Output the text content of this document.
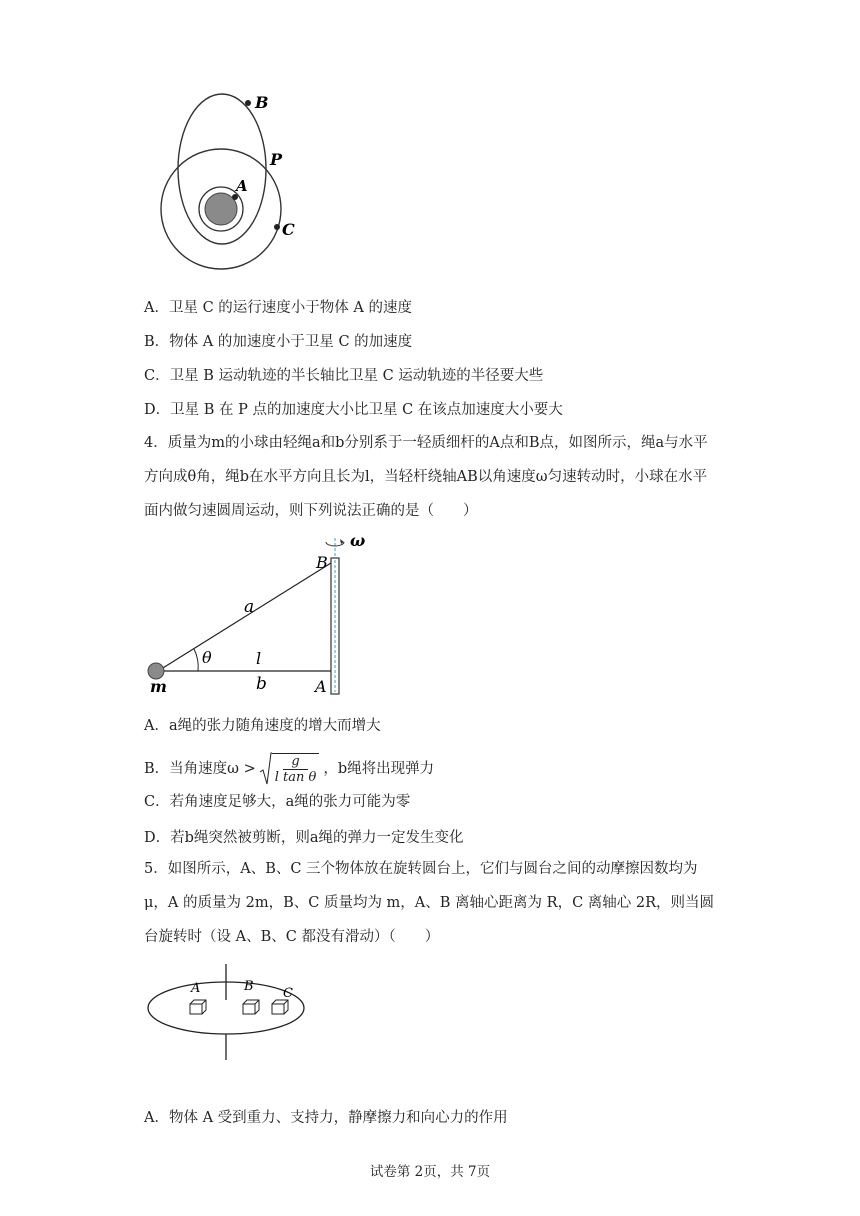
B
P
A
C
A．卫星 C 的运行速度小于物体 A 的速度
B．物体 A 的加速度小于卫星 C 的加速度
C．卫星 B 运动轨迹的半长轴比卫星 C 运动轨迹的半径要大些
D．卫星 B 在 P 点的加速度大小比卫星 C 在该点加速度大小要大
4．质量为m的小球由轻绳a和b分别系于一轻质细杆的A点和B点，如图所示，绳a与水平方向成θ角，绳b在水平方向且长为l，当轻杆绕轴AB以角速度ω匀速转动时，小球在水平面内做匀速圆周运动，则下列说法正确的是（　　）
ω
B
a
θ	l
m	b	A
A．a绳的张力随角速度的增大而增大
B．当角速度$\omega > \frac{g}{\text{l tan θ}}$ ，b绳将出现弹力
C．若角速度足够大，a绳的张力可能为零
D．若b绳突然被剪断，则a绳的弹力一定发生变化
5．如图所示，A、B、C 三个物体放在旋转圆台上，它们与圆台之间的动摩擦因数均为μ，A 的质量为 2m，B、C 质量均为 m，A、B 离轴心距离为 R，C 离轴心 2R，则当圆台旋转时（设 A、B、C 都没有滑动）（　　）
A	B C
A．物体 A 受到重力、支持力，静摩擦力和向心力的作用
试卷第 2页，共 7页
